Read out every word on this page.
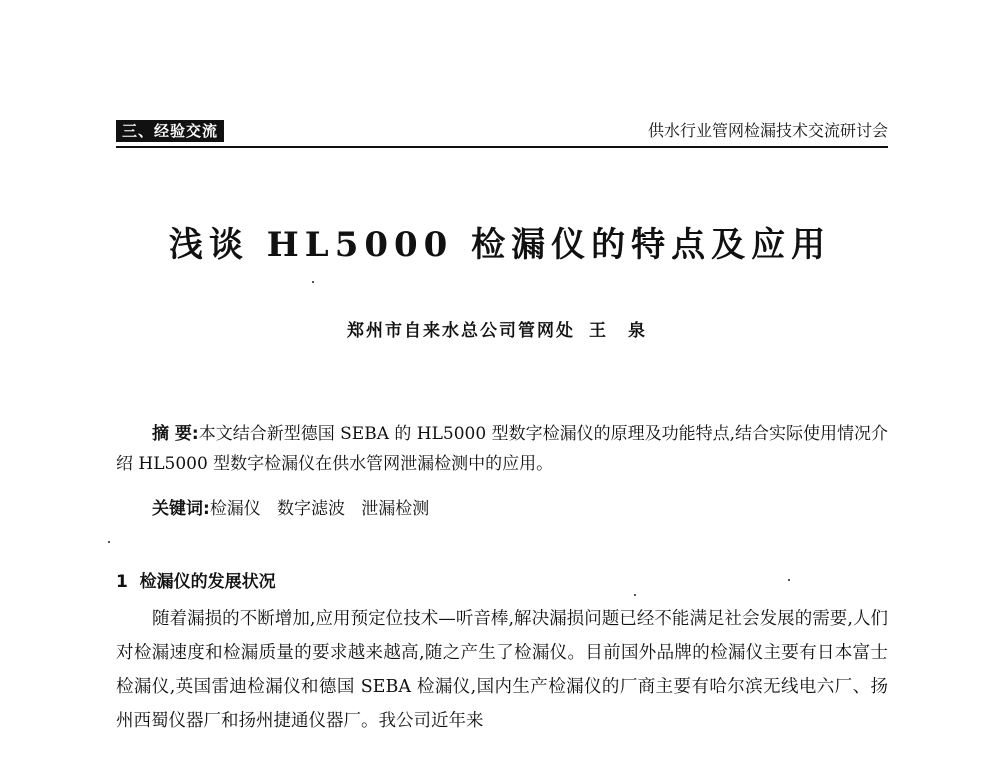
三、经验交流	供水行业管网检漏技术交流研讨会
浅谈 HL5000 检漏仪的特点及应用
郑州市自来水总公司管网处 王 泉
摘 要:本文结合新型德国 SEBA 的 HL5000 型数字检漏仪的原理及功能特点,结合实际使用情况介绍 HL5000 型数字检漏仪在供水管网泄漏检测中的应用。
关键词:检漏仪   数字滤波   泄漏检测
1  检漏仪的发展状况
随着漏损的不断增加,应用预定位技术—听音棒,解决漏损问题已经不能满足社会发展的需要,人们对检漏速度和检漏质量的要求越来越高,随之产生了检漏仪。目前国外品牌的检漏仪主要有日本富士检漏仪,英国雷迪检漏仪和德国 SEBA 检漏仪,国内生产检漏仪的厂商主要有哈尔滨无线电六厂、扬州西蜀仪器厂和扬州捷通仪器厂。我公司近年来
